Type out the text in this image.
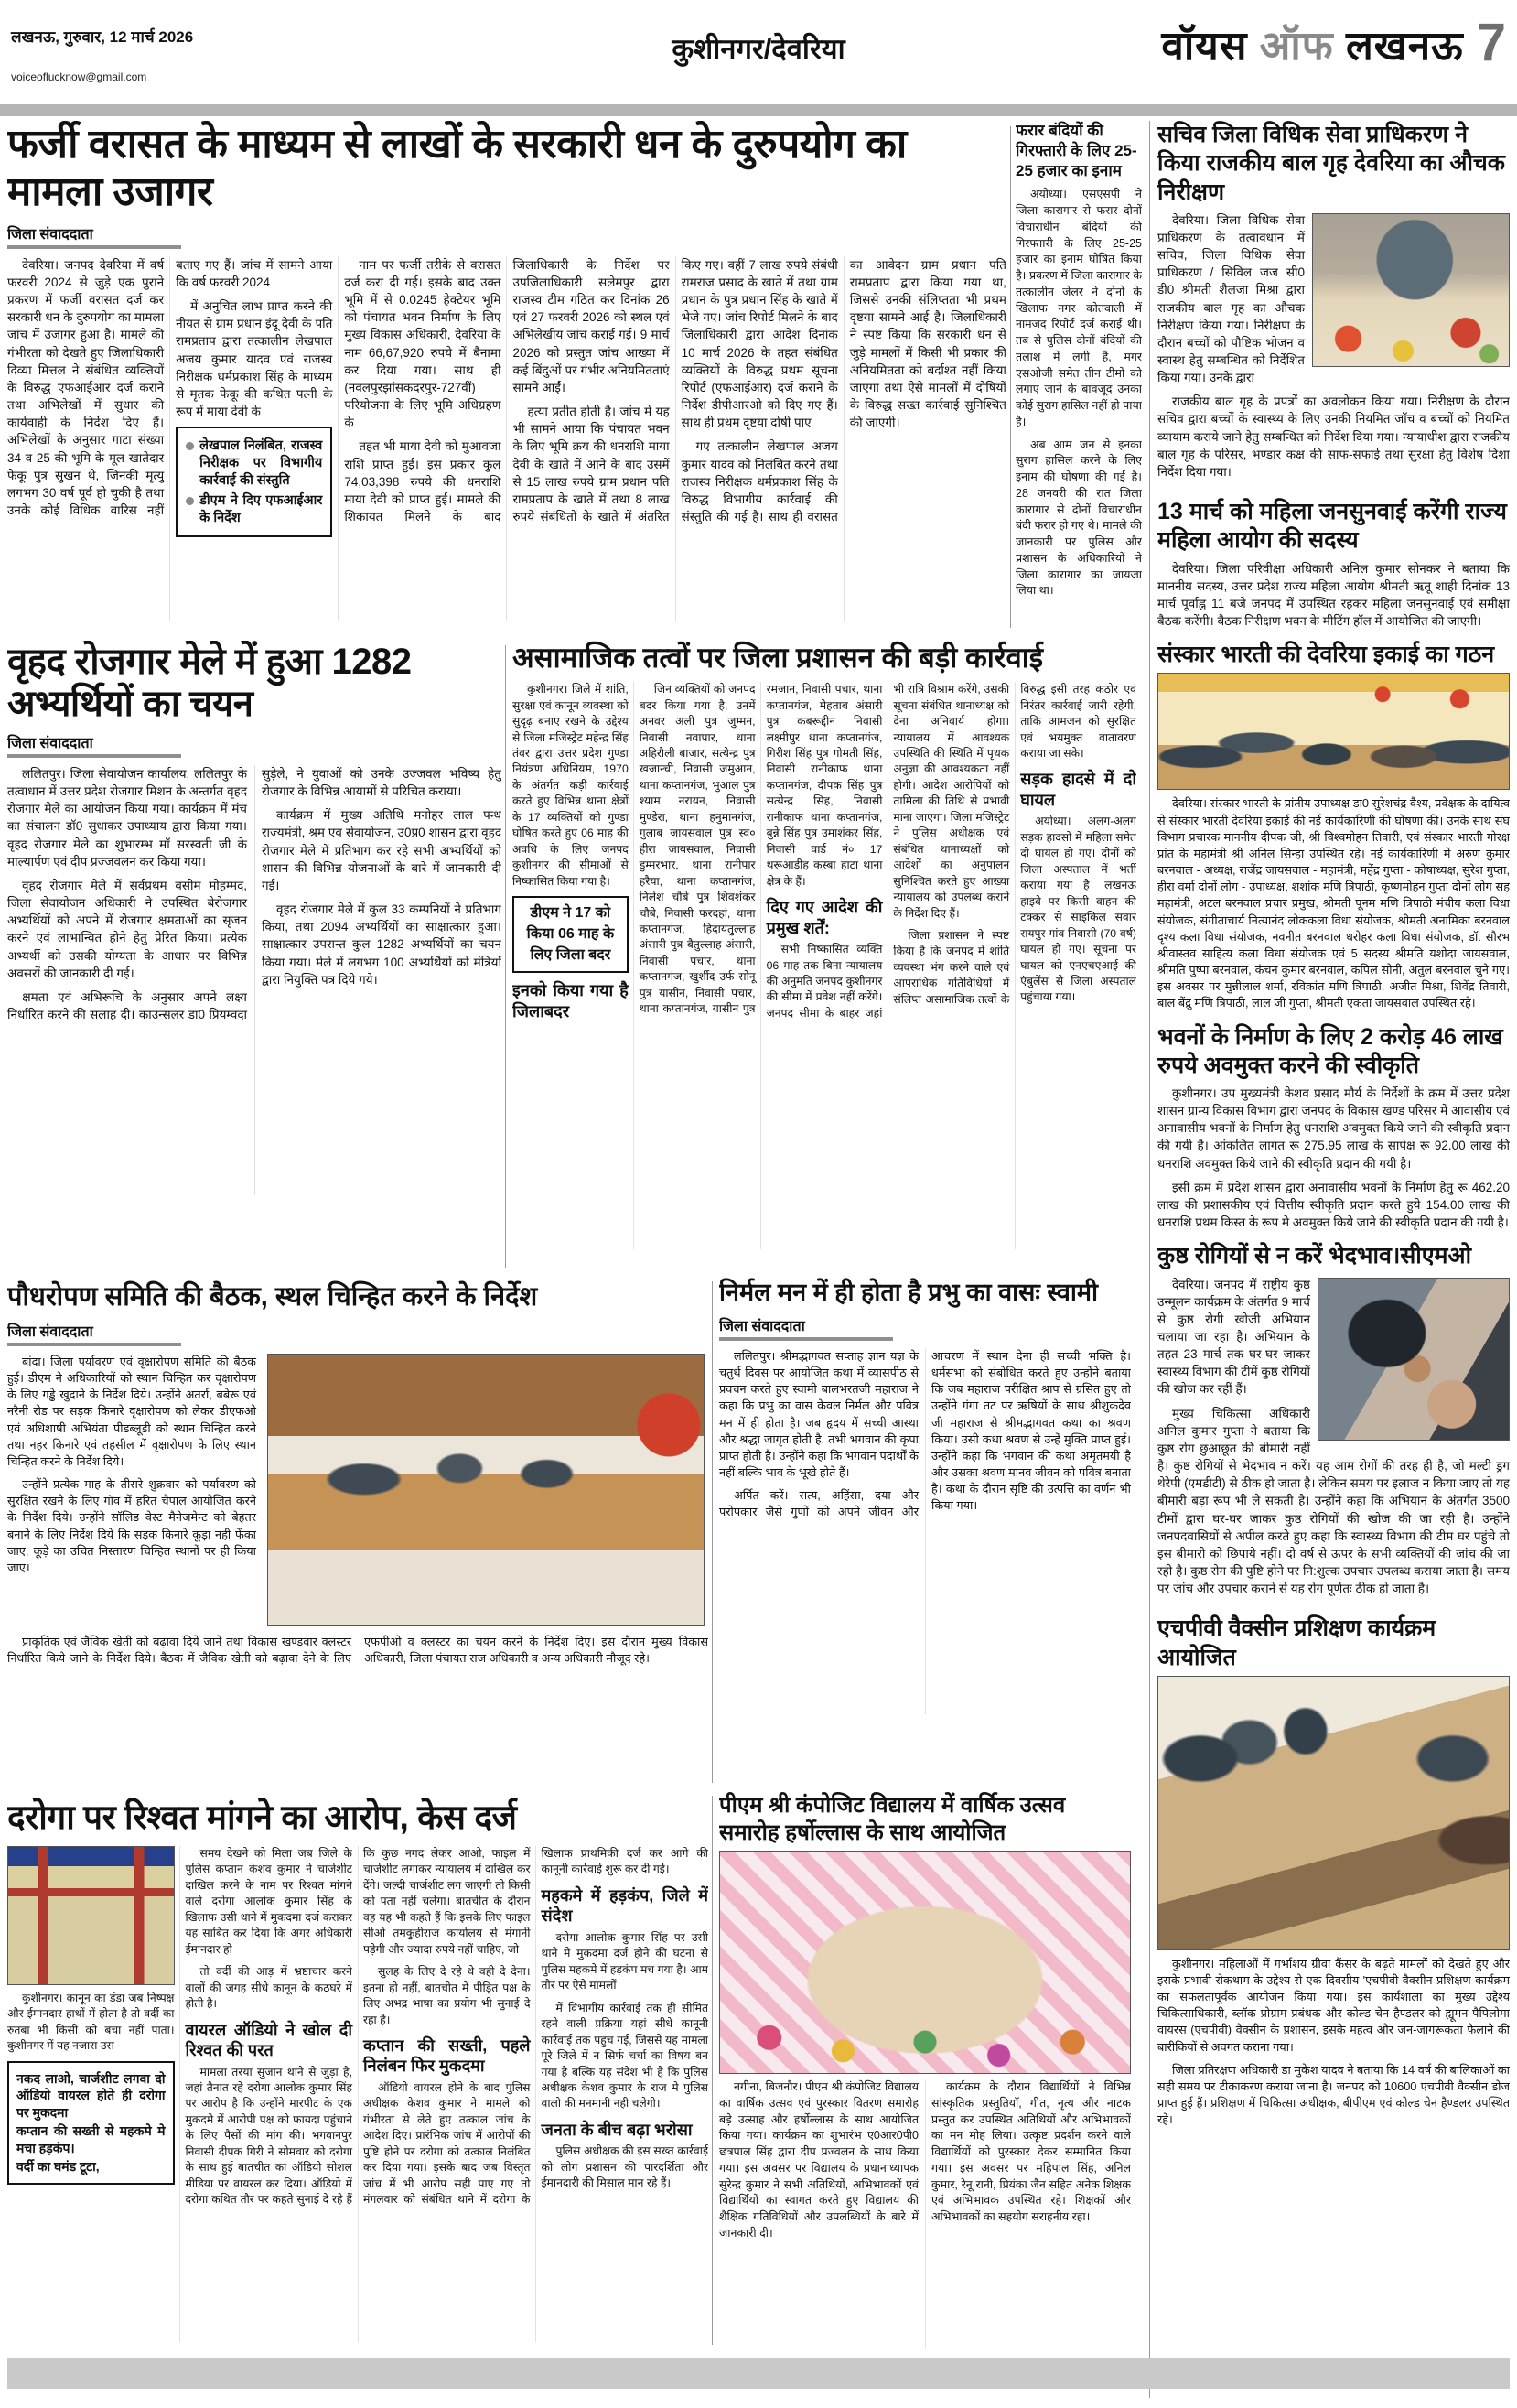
लखनऊ, गुरुवार, 12 मार्च 2026
voiceoflucknow@gmail.com
कुशीनगर/देवरिया	वॉयस ऑफ लखनऊ 7
फर्जी वरासत के माध्यम से लाखों के सरकारी धन के दुरुपयोग का मामला उजागर
जिला संवाददाता

देवरिया। जनपद देवरिया में वर्ष फरवरी 2024 से जुड़े एक पुराने प्रकरण में फर्जी वरासत दर्ज कर सरकारी धन के दुरुपयोग का मामला जांच में उजागर हुआ है। मामले की गंभीरता को देखते हुए जिलाधिकारी दिव्या मित्तल ने संबंधित व्यक्तियों के विरुद्ध एफआईआर दर्ज कराने तथा अभिलेखों में सुधार की कार्यवाही के निर्देश दिए हैं। अभिलेखों के अनुसार गाटा संख्या 34 व 25 की भूमि के मूल खातेदार फेकू पुत्र सुखन थे, जिनकी मृत्यु लगभग 30 वर्ष पूर्व हो चुकी है तथा उनके कोई विधिक वारिस नहीं बताए गए हैं। जांच में सामने आया कि वर्ष फरवरी 2024

में अनुचित लाभ प्राप्त करने की नीयत से ग्राम प्रधान इंदू देवी के पति रामप्रताप द्वारा तत्कालीन लेखपाल अजय कुमार यादव एवं राजस्व निरीक्षक धर्मप्रकाश सिंह के माध्यम से मृतक फेकू की कथित पत्नी के रूप में माया देवी के

लेखपाल निलंबित, राजस्व निरीक्षक पर विभागीय कार्रवाई की संस्तुति
डीएम ने दिए एफआईआर के निर्देश

नाम पर फर्जी तरीके से वरासत दर्ज करा दी गई। इसके बाद उक्त भूमि में से 0.0245 हेक्टेयर भूमि को पंचायत भवन निर्माण के लिए मुख्य विकास अधिकारी, देवरिया के नाम 66,67,920 रुपये में बैनामा कर दिया गया। साथ ही (नवलपुरझांसकदरपुर-727वीं) परियोजना के लिए भूमि अधिग्रहण के

तहत भी माया देवी को मुआवजा राशि प्राप्त हुई। इस प्रकार कुल 74,03,398 रुपये की धनराशि माया देवी को प्राप्त हुई। मामले की शिकायत मिलने के बाद जिलाधिकारी के निर्देश पर उपजिलाधिकारी सलेमपुर द्वारा राजस्व टीम गठित कर दिनांक 26 एवं 27 फरवरी 2026 को स्थल एवं अभिलेखीय जांच कराई गई। 9 मार्च 2026 को प्रस्तुत जांच आख्या में कई बिंदुओं पर गंभीर अनियमितताएं सामने आईं।

हत्या प्रतीत होती है। जांच में यह भी सामने आया कि पंचायत भवन के लिए भूमि क्रय की धनराशि माया देवी के खाते में आने के बाद उसमें से 15 लाख रुपये ग्राम प्रधान पति रामप्रताप के खाते में तथा 8 लाख रुपये संबंधितों के खाते में अंतरित किए गए। वहीं 7 लाख रुपये संबंधी रामराज प्रसाद के खाते में तथा ग्राम प्रधान के पुत्र प्रधान सिंह के खाते में भेजे गए। जांच रिपोर्ट मिलने के बाद जिलाधिकारी द्वारा आदेश दिनांक 10 मार्च 2026 के तहत संबंधित व्यक्तियों के विरुद्ध प्रथम सूचना रिपोर्ट (एफआईआर) दर्ज कराने के निर्देश डीपीआरओ को दिए गए हैं। साथ ही प्रथम दृष्टया दोषी पाए

गए तत्कालीन लेखपाल अजय कुमार यादव को निलंबित करने तथा राजस्व निरीक्षक धर्मप्रकाश सिंह के विरुद्ध विभागीय कार्रवाई की संस्तुति की गई है। साथ ही वरासत का आवेदन ग्राम प्रधान पति रामप्रताप द्वारा किया गया था, जिससे उनकी संलिप्तता भी प्रथम दृष्टया सामने आई है। जिलाधिकारी ने स्पष्ट किया कि सरकारी धन से जुड़े मामलों में किसी भी प्रकार की अनियमितता को बर्दाश्त नहीं किया जाएगा तथा ऐसे मामलों में दोषियों के विरुद्ध सख्त कार्रवाई सुनिश्चित की जाएगी।

फरार बंदियों की गिरफ्तारी के लिए 25-25 हजार का इनाम

अयोध्या। एसएसपी ने जिला कारागार से फरार दोनों विचाराधीन बंदियों की गिरफ्तारी के लिए 25-25 हजार का इनाम घोषित किया है। प्रकरण में जिला कारागार के तत्कालीन जेलर ने दोनों के खिलाफ नगर कोतवाली में नामजद रिपोर्ट दर्ज कराई थी। तब से पुलिस दोनों बंदियों की तलाश में लगी है, मगर एसओजी समेत तीन टीमों को लगाए जाने के बावजूद उनका कोई सुराग हासिल नहीं हो पाया है।

अब आम जन से इनका सुराग हासिल करने के लिए इनाम की घोषणा की गई है। 28 जनवरी की रात जिला कारागार से दोनों विचाराधीन बंदी फरार हो गए थे। मामले की जानकारी पर पुलिस और प्रशासन के अधिकारियों ने जिला कारागार का जायजा लिया था।

सचिव जिला विधिक सेवा प्राधिकरण ने किया राजकीय बाल गृह देवरिया का औचक निरीक्षण

देवरिया। जिला विधिक सेवा प्राधिकरण के तत्वावधान में सचिव, जिला विधिक सेवा प्राधिकरण / सिविल जज सी0 डी0 श्रीमती शैलजा मिश्रा द्वारा राजकीय बाल गृह का औचक निरीक्षण किया गया। निरीक्षण के दौरान बच्चों को पौष्टिक भोजन व स्वास्थ हेतु सम्बन्धित को निर्देशित किया गया। उनके द्वारा

राजकीय बाल गृह के प्रपत्रों का अवलोकन किया गया। निरीक्षण के दौरान सचिव द्वारा बच्चों के स्वास्थ्य के लिए उनकी नियमित जॉच व बच्चों को नियमित व्यायाम कराये जाने हेतु सम्बन्धित को निर्देश दिया गया। न्यायाधीश द्वारा राजकीय बाल गृह के परिसर, भण्डार कक्ष की साफ-सफाई तथा सुरक्षा हेतु विशेष दिशा निर्देश दिया गया।

13 मार्च को महिला जनसुनवाई करेंगी राज्य महिला आयोग की सदस्य

देवरिया। जिला परिवीक्षा अधिकारी अनिल कुमार सोनकर ने बताया कि माननीय सदस्य, उत्तर प्रदेश राज्य महिला आयोग श्रीमती ऋतू शाही दिनांक 13 मार्च पूर्वाह्न 11 बजे जनपद में उपस्थित रहकर महिला जनसुनवाई एवं समीक्षा बैठक करेंगी। बैठक निरीक्षण भवन के मीटिंग हॉल में आयोजित की जाएगी।

संस्कार भारती की देवरिया इकाई का गठन

देवरिया। संस्कार भारती के प्रांतीय उपाध्यक्ष डा0 सुरेशचंद्र वैश्य, प्रवेक्षक के दायित्व से संस्कार भारती देवरिया इकाई की नई कार्यकारिणी की घोषणा की। उनके साथ संघ विभाग प्रचारक माननीय दीपक जी, श्री विश्वमोहन तिवारी, एवं संस्कार भारती गोरक्ष प्रांत के महामंत्री श्री अनिल सिन्हा उपस्थित रहे। नई कार्यकारिणी में अरुण कुमार बरनवाल - अध्यक्ष, राजेंद्र जायसवाल - महामंत्री, महेंद्र गुप्ता - कोषाध्यक्ष, सुरेश गुप्ता, हीरा वर्मा दोनों लोग - उपाध्यक्ष, शशांक मणि त्रिपाठी, कृष्णमोहन गुप्ता दोनों लोग सह महामंत्री, अटल बरनवाल प्रचार प्रमुख, श्रीमती पूनम मणि त्रिपाठी मंचीय कला विधा संयोजक, संगीताचार्य नित्यानंद लोककला विधा संयोजक, श्रीमती अनामिका बरनवाल दृश्य कला विधा संयोजक, नवनीत बरनवाल धरोहर कला विधा संयोजक, डॉ. सौरभ श्रीवास्तव साहित्य कला विधा संयोजक एवं 5 सदस्य श्रीमति यशोदा जायसवाल, श्रीमति पुष्पा बरनवाल, कंचन कुमार बरनवाल, कपिल सोनी, अतुल बरनवाल चुने गए। इस अवसर पर मुन्नीलाल शर्मा, रविकांत मणि त्रिपाठी, अजीत मिश्रा, शिवेंद्र तिवारी, बाल बेंद्रु मणि त्रिपाठी, लाल जी गुप्ता, श्रीमती एकता जायसवाल उपस्थित रहे।

भवनों के निर्माण के लिए 2 करोड़ 46 लाख रुपये अवमुक्त करने की स्वीकृति

कुशीनगर। उप मुख्यमंत्री केशव प्रसाद मौर्य के निर्देशों के क्रम में उत्तर प्रदेश शासन ग्राम्य विकास विभाग द्वारा जनपद के विकास खण्ड परिसर में आवासीय एवं अनावासीय भवनों के निर्माण हेतु धनराशि अवमुक्त किये जाने की स्वीकृति प्रदान की गयी है। आंकलित लागत रू 275.95 लाख के सापेक्ष रू 92.00 लाख की धनराशि अवमुक्त किये जाने की स्वीकृति प्रदान की गयी है।

इसी क्रम में प्रदेश शासन द्वारा अनावासीय भवनों के निर्माण हेतु रू 462.20 लाख की प्रशासकीय एवं वित्तीय स्वीकृति प्रदान करते हुये 154.00 लाख की धनराशि प्रथम किस्त के रूप मे अवमुक्त किये जाने की स्वीकृति प्रदान की गयी है।

कुष्ठ रोगियों से न करें भेदभाव।सीएमओ

देवरिया। जनपद में राष्ट्रीय कुष्ठ उन्मूलन कार्यक्रम के अंतर्गत 9 मार्च से कुष्ठ रोगी खोजी अभियान चलाया जा रहा है। अभियान के तहत 23 मार्च तक घर-घर जाकर स्वास्थ्य विभाग की टीमें कुष्ठ रोगियों की खोज कर रहीं हैं।

मुख्य चिकित्सा अधिकारी अनिल कुमार गुप्ता ने बताया कि कुष्ठ रोग छुआछूत की बीमारी नहीं है। कुष्ठ रोगियों से भेदभाव न करें। यह आम रोगों की तरह ही है, जो मल्टी ड्रग थेरेपी (एमडीटी) से ठीक हो जाता है। लेकिन समय पर इलाज न किया जाए तो यह बीमारी बड़ा रूप भी ले सकती है। उन्होंने कहा कि अभियान के अंतर्गत 3500 टीमों द्वारा घर-घर जाकर कुष्ठ रोगियों की खोज की जा रही है। उन्होंने जनपदवासियों से अपील करते हुए कहा कि स्वास्थ्य विभाग की टीम घर पहुंचे तो इस बीमारी को छिपाये नहीं। दो वर्ष से ऊपर के सभी व्यक्तियों की जांच की जा रही है। कुष्ठ रोग की पुष्टि होने पर नि:शुल्क उपचार उपलब्ध कराया जाता है। समय पर जांच और उपचार कराने से यह रोग पूर्णतः ठीक हो जाता है।

एचपीवी वैक्सीन प्रशिक्षण कार्यक्रम आयोजित

कुशीनगर। महिलाओं में गर्भाशय ग्रीवा कैंसर के बढ़ते मामलों को देखते हुए और इसके प्रभावी रोकथाम के उद्देश्य से एक दिवसीय 'एचपीवी वैक्सीन प्रशिक्षण कार्यक्रम का सफलतापूर्वक आयोजन किया गया। इस कार्यशाला का मुख्य उद्देश्य चिकित्साधिकारी, ब्लॉक प्रोग्राम प्रबंधक और कोल्ड चेन हैण्डलर को ह्यूमन पैपिलोमा वायरस (एचपीवी) वैक्सीन के प्रशासन, इसके महत्व और जन-जागरूकता फैलाने की बारीकियों से अवगत कराना गया।

जिला प्रतिरक्षण अधिकारी डा मुकेश यादव ने बताया कि 14 वर्ष की बालिकाओं का सही समय पर टीकाकरण कराया जाना है। जनपद को 10600 एचपीवी वैक्सीन डोज प्राप्त हुई हैं। प्रशिक्षण में चिकित्सा अधीक्षक, बीपीएम एवं कोल्ड चेन हैण्डलर उपस्थित रहे।

वृहद रोजगार मेले में हुआ 1282 अभ्यर्थियों का चयन
जिला संवाददाता

ललितपुर। जिला सेवायोजन कार्यालय, ललितपुर के तत्वाधान में उत्तर प्रदेश रोजगार मिशन के अन्तर्गत वृहद रोजगार मेले का आयोजन किया गया। कार्यक्रम में मंच का संचालन डॉ0 सुधाकर उपाध्याय द्वारा किया गया। वृहद रोजगार मेले का शुभारम्भ मॉ सरस्वती जी के माल्यार्पण एवं दीप प्रज्जवलन कर किया गया।

वृहद रोजगार मेले में सर्वप्रथम वसीम मोहम्मद, जिला सेवायोजन अधिकारी ने उपस्थित बेरोजगार अभ्यर्थियों को अपने में रोजगार क्षमताओं का सृजन करने एवं लाभान्वित होने हेतु प्रेरित किया। प्रत्येक अभ्यर्थी को उसकी योग्यता के आधार पर विभिन्न अवसरों की जानकारी दी गई।

क्षमता एवं अभिरूचि के अनुसार अपने लक्ष्य निर्धारित करने की सलाह दी। काउन्सलर डा0 प्रियम्वदा सुड़ेले, ने युवाओं को उनके उज्जवल भविष्य हेतु रोजगार के विभिन्न आयामों से परिचित कराया।

कार्यक्रम में मुख्य अतिथि मनोहर लाल पन्थ राज्यमंत्री, श्रम एव सेवायोजन, उ0प्र0 शासन द्वारा वृहद रोजगार मेले में प्रतिभाग कर रहे सभी अभ्यर्थियों को शासन की विभिन्न योजनाओं के बारे में जानकारी दी गई।

वृहद रोजगार मेले में कुल 33 कम्पनियों ने प्रतिभाग किया, तथा 2094 अभ्यर्थियों का साक्षात्कार हुआ। साक्षात्कार उपरान्त कुल 1282 अभ्यर्थियों का चयन किया गया। मेले में लगभग 100 अभ्यर्थियों को मंत्रियों द्वारा नियुक्ति पत्र दिये गये।

असामाजिक तत्वों पर जिला प्रशासन की बड़ी कार्रवाई

कुशीनगर। जिले में शांति, सुरक्षा एवं कानून व्यवस्था को सुदृढ़ बनाए रखने के उद्देश्य से जिला मजिस्ट्रेट महेन्द्र सिंह तंवर द्वारा उत्तर प्रदेश गुण्डा नियंत्रण अधिनियम, 1970 के अंतर्गत कड़ी कार्रवाई करते हुए विभिन्न थाना क्षेत्रों के 17 व्यक्तियों को गुण्डा घोषित करते हुए 06 माह की अवधि के लिए जनपद कुशीनगर की सीमाओं से निष्कासित किया गया है।

डीएम ने 17 को किया 06 माह के लिए जिला बदर
इनको किया गया है जिलाबदर

जिन व्यक्तियों को जनपद बदर किया गया है, उनमें अनवर अली पुत्र जुम्मन, निवासी नवापार, थाना अहिरौली बाजार, सत्येन्द्र पुत्र खजान्ची, निवासी जमुआन, थाना कप्तानगंज, भुआल पुत्र श्याम नरायन, निवासी मुण्डेरा, थाना हनुमानगंज, गुलाब जायसवाल पुत्र स्व० हीरा जायसवाल, निवासी डुम्मरभार, थाना रानीपार हरैया, थाना कप्तानगंज, निलेश चौबे पुत्र शिवशंकर चौबे, निवासी फरदहां, थाना कप्तानगंज, हिदायतुल्लाह अंसारी पुत्र बैतुल्लाह अंसारी, निवासी पचार, थाना कप्तानगंज, खुर्शीद उर्फ सोनू पुत्र यासीन, निवासी पचार, थाना कप्तानगंज, यासीन पुत्र रमजान, निवासी पचार, थाना कप्तानगंज, मेहताब अंसारी पुत्र कबरूद्दीन निवासी लक्ष्मीपुर थाना कप्तानगंज, गिरीश सिंह पुत्र गोमती सिंह, निवासी रानीकाफ थाना कप्तानगंज, दीपक सिंह पुत्र सत्येन्द्र सिंह, निवासी रानीकाफ थाना कप्तानगंज, बुन्ने सिंह पुत्र उमाशंकर सिंह, निवासी वार्ड नं० 17 थरूआडीह कस्बा हाटा थाना क्षेत्र के हैं।

दिए गए आदेश की प्रमुख शर्तें:

सभी निष्कासित व्यक्ति 06 माह तक बिना न्यायालय की अनुमति जनपद कुशीनगर की सीमा में प्रवेश नहीं करेंगे। जनपद सीमा के बाहर जहां भी रात्रि विश्राम करेंगे, उसकी सूचना संबंधित थानाध्यक्ष को देना अनिवार्य होगा। न्यायालय में आवश्यक उपस्थिति की स्थिति में पृथक अनुज्ञा की आवश्यकता नहीं होगी। आदेश आरोपियों को तामिला की तिथि से प्रभावी माना जाएगा। जिला मजिस्ट्रेट ने पुलिस अधीक्षक एवं संबंधित थानाध्यक्षों को आदेशों का अनुपालन सुनिश्चित करते हुए आख्या न्यायालय को उपलब्ध कराने के निर्देश दिए हैं।

जिला प्रशासन ने स्पष्ट किया है कि जनपद में शांति व्यवस्था भंग करने वाले एवं आपराधिक गतिविधियों में संलिप्त असामाजिक तत्वों के विरुद्ध इसी तरह कठोर एवं निरंतर कार्रवाई जारी रहेगी, ताकि आमजन को सुरक्षित एवं भयमुक्त वातावरण कराया जा सके।

सड़क हादसे में दो घायल

अयोध्या। अलग-अलग सड़क हादसों में महिला समेत दो घायल हो गए। दोनों को जिला अस्पताल में भर्ती कराया गया है। लखनऊ हाइवे पर किसी वाहन की टक्कर से साइकिल सवार रायपुर गांव निवासी (70 वर्ष) घायल हो गए। सूचना पर घायल को एनएचएआई की एंबुलेंस से जिला अस्पताल पहुंचाया गया।

पौधरोपण समिति की बैठक, स्थल चिन्हित करने के निर्देश
जिला संवाददाता

बांदा। जिला पर्यावरण एवं वृक्षारोपण समिति की बैठक हुई। डीएम ने अधिकारियों को स्थान चिन्हित कर वृक्षारोपण के लिए गड्ढे खुदाने के निर्देश दिये। उन्होंने अतर्रा, बबेरू एवं नरैनी रोड पर सड़क किनारे वृक्षारोपण को लेकर डीएफओ एवं अधिशाषी अभियंता पीडब्लूडी को स्थान चिन्हित करने तथा नहर किनारे एवं तहसील में वृक्षारोपण के लिए स्थान चिन्हित करने के निर्देश दिये।

उन्होंने प्रत्येक माह के तीसरे शुक्रवार को पर्यावरण को सुरक्षित रखने के लिए गॉव में हरित चैपाल आयोजित करने के निर्देश दिये। उन्होंने सॉलिड वेस्ट मैनेजमेन्ट को बेहतर बनाने के लिए निर्देश दिये कि सड़क किनारे कूड़ा नही फेंका जाए, कूड़े का उचित निस्तारण चिन्हित स्थानों पर ही किया जाए।

प्राकृतिक एवं जैविक खेती को बढ़ावा दिये जाने तथा विकास खण्डवार क्लस्टर निर्धारित किये जाने के निर्देश दिये। बैठक में जैविक खेती को बढ़ावा देने के लिए एफपीओ व क्लस्टर का चयन करने के निर्देश दिए। इस दौरान मुख्य विकास अधिकारी, जिला पंचायत राज अधिकारी व अन्य अधिकारी मौजूद रहे।

निर्मल मन में ही होता है प्रभु का वासः स्वामी
जिला संवाददाता

ललितपुर। श्रीमद्भागवत सप्ताह ज्ञान यज्ञ के चतुर्थ दिवस पर आयोजित कथा में व्यासपीठ से प्रवचन करते हुए स्वामी बालभरतजी महाराज ने कहा कि प्रभु का वास केवल निर्मल और पवित्र मन में ही होता है। जब हृदय में सच्ची आस्था और श्रद्धा जागृत होती है, तभी भगवान की कृपा प्राप्त होती है। उन्होंने कहा कि भगवान पदार्थों के नहीं बल्कि भाव के भूखे होते हैं।

अर्पित करें। सत्य, अहिंसा, दया और परोपकार जैसे गुणों को अपने जीवन और आचरण में स्थान देना ही सच्ची भक्ति है। धर्मसभा को संबोधित करते हुए उन्होंने बताया कि जब महाराज परीक्षित श्राप से ग्रसित हुए तो उन्होंने गंगा तट पर ऋषियों के साथ श्रीशुकदेव जी महाराज से श्रीमद्भागवत कथा का श्रवण किया। उसी कथा श्रवण से उन्हें मुक्ति प्राप्त हुई। उन्होंने कहा कि भगवान की कथा अमृतमयी है और उसका श्रवण मानव जीवन को पवित्र बनाता है। कथा के दौरान सृष्टि की उत्पत्ति का वर्णन भी किया गया।

दरोगा पर रिश्वत मांगने का आरोप, केस दर्ज

कुशीनगर। कानून का डंडा जब निष्पक्ष और ईमानदार हाथों में होता है तो वर्दी का रुतबा भी किसी को बचा नहीं पाता। कुशीनगर में यह नजारा उस

नकद लाओ, चार्जशीट लगवा दो ऑडियो वायरल होते ही दरोगा पर मुकदमा
कप्तान की सख्ती से महकमे मे मचा हड़कंप।
वर्दी का घमंड टूटा,

समय देखने को मिला जब जिले के पुलिस कप्तान केशव कुमार ने चार्जशीट दाखिल करने के नाम पर रिश्वत मांगने वाले दरोगा आलोक कुमार सिंह के खिलाफ उसी थाने में मुकदमा दर्ज कराकर यह साबित कर दिया कि अगर अधिकारी ईमानदार हो

तो वर्दी की आड़ में भ्रष्टाचार करने वालों की जगह सीधे कानून के कठघरे में होती है।

वायरल ऑडियो ने खोल दी रिश्वत की परत

मामला तरया सुजान थाने से जुड़ा है, जहां तैनात रहे दरोगा आलोक कुमार सिंह पर आरोप है कि उन्होंने मारपीट के एक मुकदमे में आरोपी पक्ष को फायदा पहुंचाने के लिए पैसों की मांग की। भगवानपुर निवासी दीपक गिरी ने सोमवार को दरोगा के साथ हुई बातचीत का ऑडियो सोशल मीडिया पर वायरल कर दिया। ऑडियो में दरोगा कथित तौर पर कहते सुनाई दे रहे हैं कि कुछ नगद लेकर आओ, फाइल में चार्जशीट लगाकर न्यायालय में दाखिल कर देंगे। जल्दी चार्जशीट लग जाएगी तो किसी को पता नहीं चलेगा। बातचीत के दौरान वह यह भी कहते हैं कि इसके लिए फाइल सीओ तमकुहीराज कार्यालय से मंगानी पड़ेगी और ज्यादा रुपये नहीं चाहिए, जो

सुलह के लिए दे रहे थे वही दे देना। इतना ही नहीं, बातचीत में पीड़ित पक्ष के लिए अभद्र भाषा का प्रयोग भी सुनाई दे रहा है।

कप्तान की सख्ती, पहले निलंबन फिर मुकदमा

ऑडियो वायरल होने के बाद पुलिस अधीक्षक केशव कुमार ने मामले को गंभीरता से लेते हुए तत्काल जांच के आदेश दिए। प्रारंभिक जांच में आरोपों की पुष्टि होने पर दरोगा को तत्काल निलंबित कर दिया गया। इसके बाद जब विस्तृत जांच में भी आरोप सही पाए गए तो मंगलवार को संबंधित थाने में दरोगा के खिलाफ प्राथमिकी दर्ज कर आगे की कानूनी कार्रवाई शुरू कर दी गई।

महकमे में हड़कंप, जिले में संदेश

दरोगा आलोक कुमार सिंह पर उसी थाने मे मुकदमा दर्ज होने की घटना से पुलिस महकमे में हड़कंप मच गया है। आम तौर पर ऐसे मामलों

में विभागीय कार्रवाई तक ही सीमित रहने वाली प्रक्रिया यहां सीधे कानूनी कार्रवाई तक पहुंच गई, जिससे यह मामला पूरे जिले में न सिर्फ चर्चा का विषय बन गया है बल्कि यह संदेश भी है कि पुलिस अधीक्षक केशव कुमार के राज मे पुलिस वालो की मनमानी नही चलेगी।

जनता के बीच बढ़ा भरोसा

पुलिस अधीक्षक की इस सख्त कार्रवाई को लोग प्रशासन की पारदर्शिता और ईमानदारी की मिसाल मान रहे हैं।

पीएम श्री कंपोजिट विद्यालय में वार्षिक उत्सव समारोह हर्षोल्लास के साथ आयोजित

नगीना, बिजनौर। पीएम श्री कंपोजिट विद्यालय का वार्षिक उत्सव एवं पुरस्कार वितरण समारोह बड़े उत्साह और हर्षोल्लास के साथ आयोजित किया गया। कार्यक्रम का शुभारंभ ए0आर0पी0 छत्रपाल सिंह द्वारा दीप प्रज्वलन के साथ किया गया। इस अवसर पर विद्यालय के प्रधानाध्यापक सुरेन्द्र कुमार ने सभी अतिथियों, अभिभावकों एवं विद्यार्थियों का स्वागत करते हुए विद्यालय की शैक्षिक गतिविधियों और उपलब्धियों के बारे में जानकारी दी।

कार्यक्रम के दौरान विद्यार्थियों ने विभिन्न सांस्कृतिक प्रस्तुतियाँ, गीत, नृत्य और नाटक प्रस्तुत कर उपस्थित अतिथियों और अभिभावकों का मन मोह लिया। उत्कृष्ट प्रदर्शन करने वाले विद्यार्थियों को पुरस्कार देकर सम्मानित किया गया। इस अवसर पर महिपाल सिंह, अनिल कुमार, रेनू रानी, प्रियंका जैन सहित अनेक शिक्षक एवं अभिभावक उपस्थित रहे। शिक्षकों और अभिभावकों का सहयोग सराहनीय रहा।
